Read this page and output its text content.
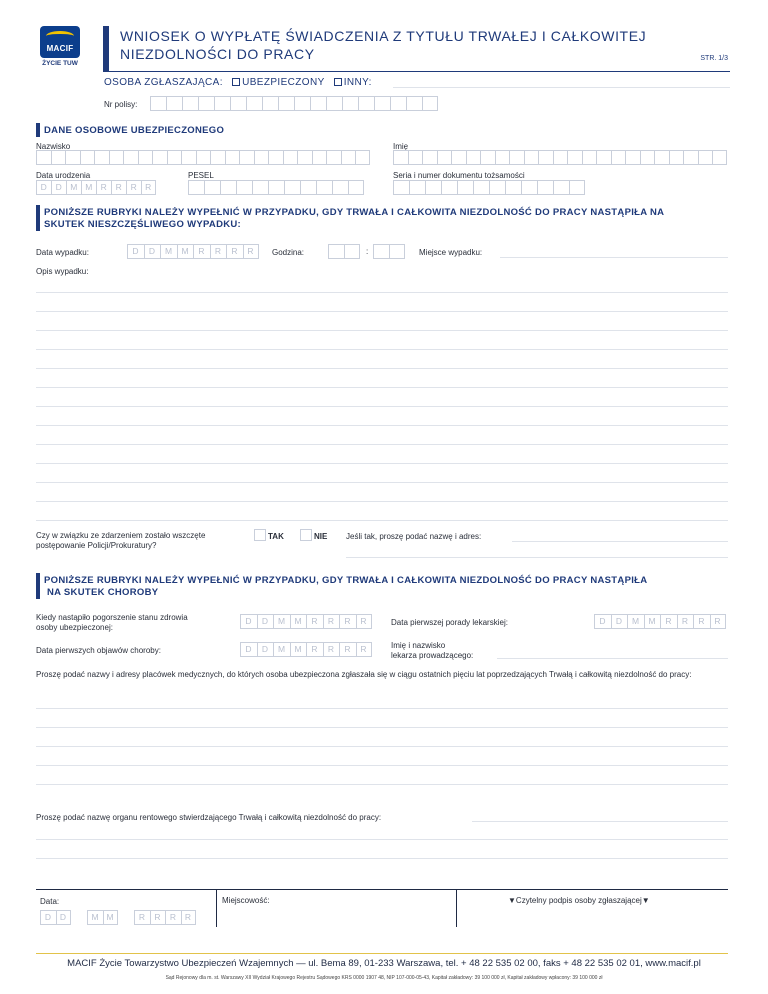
MACIF
ŻYCIE TUW
WNIOSEK O WYPŁATĘ ŚWIADCZENIA Z TYTUŁU TRWAŁEJ I CAŁKOWITEJ
NIEZDOLNOŚCI DO PRACY	STR. 1/3
OSOBA ZGŁASZAJĄCA: UBEZPIECZONY INNY:
Nr polisy:
DANE OSOBOWE UBEZPIECZONEGO
Nazwisko	Imię
Data urodzenia	PESEL	Seria i numer dokumentu tożsamości
D D M M R R R R
PONIŻSZE RUBRYKI NALEŻY WYPEŁNIĆ W PRZYPADKU, GDY TRWAŁA I CAŁKOWITA NIEZDOLNOŚĆ DO PRACY NASTĄPIŁA NA
SKUTEK NIESZCZĘŚLIWEGO WYPADKU:
Data wypadku:	D	D	M	M	R	R	R	R	Godzina:	:	Miejsce wypadku:
Opis wypadku:
Czy w związku ze zdarzeniem zostało wszczęte
postępowanie Policji/Prokuratury?
TAK	NIE Jeśli tak, proszę podać nazwę i adres:
PONIŻSZE RUBRYKI NALEŻY WYPEŁNIĆ W PRZYPADKU, GDY TRWAŁA I CAŁKOWITA NIEZDOLNOŚĆ DO PRACY NASTĄPIŁA
NA SKUTEK CHOROBY
Kiedy nastąpiło pogorszenie stanu zdrowia
osoby ubezpieczonej:
D	D	M	M	R	R	R	R	Data pierwszej porady lekarskiej:	D	D	M	M	R	R	R	R
Data pierwszych objawów choroby:	D	D	M	M	R	R	R	R	Imię i nazwisko
lekarza prowadzącego:
Proszę podać nazwy i adresy placówek medycznych, do których osoba ubezpieczona zgłaszała się w ciągu ostatnich pięciu lat poprzedzających Trwałą i całkowitą niezdolność do pracy:
Proszę podać nazwę organu rentowego stwierdzającego Trwałą i całkowitą niezdolność do pracy:
Data:
D D	M M	R	R	R R
Miejscowość:	▼Czytelny podpis osoby zgłaszającej▼
MACIF Życie Towarzystwo Ubezpieczeń Wzajemnych — ul. Bema 89, 01-233 Warszawa, tel. + 48 22 535 02 00, faks + 48 22 535 02 01, www.macif.pl
Sąd Rejonowy dla m. st. Warszawy XII Wydział Krajowego Rejestru Sądowego KRS 0000 1907 48, NIP 107-000-05-43, Kapitał zakładowy: 39 100 000 zł, Kapitał zakładowy wpłacony: 39 100 000 zł
